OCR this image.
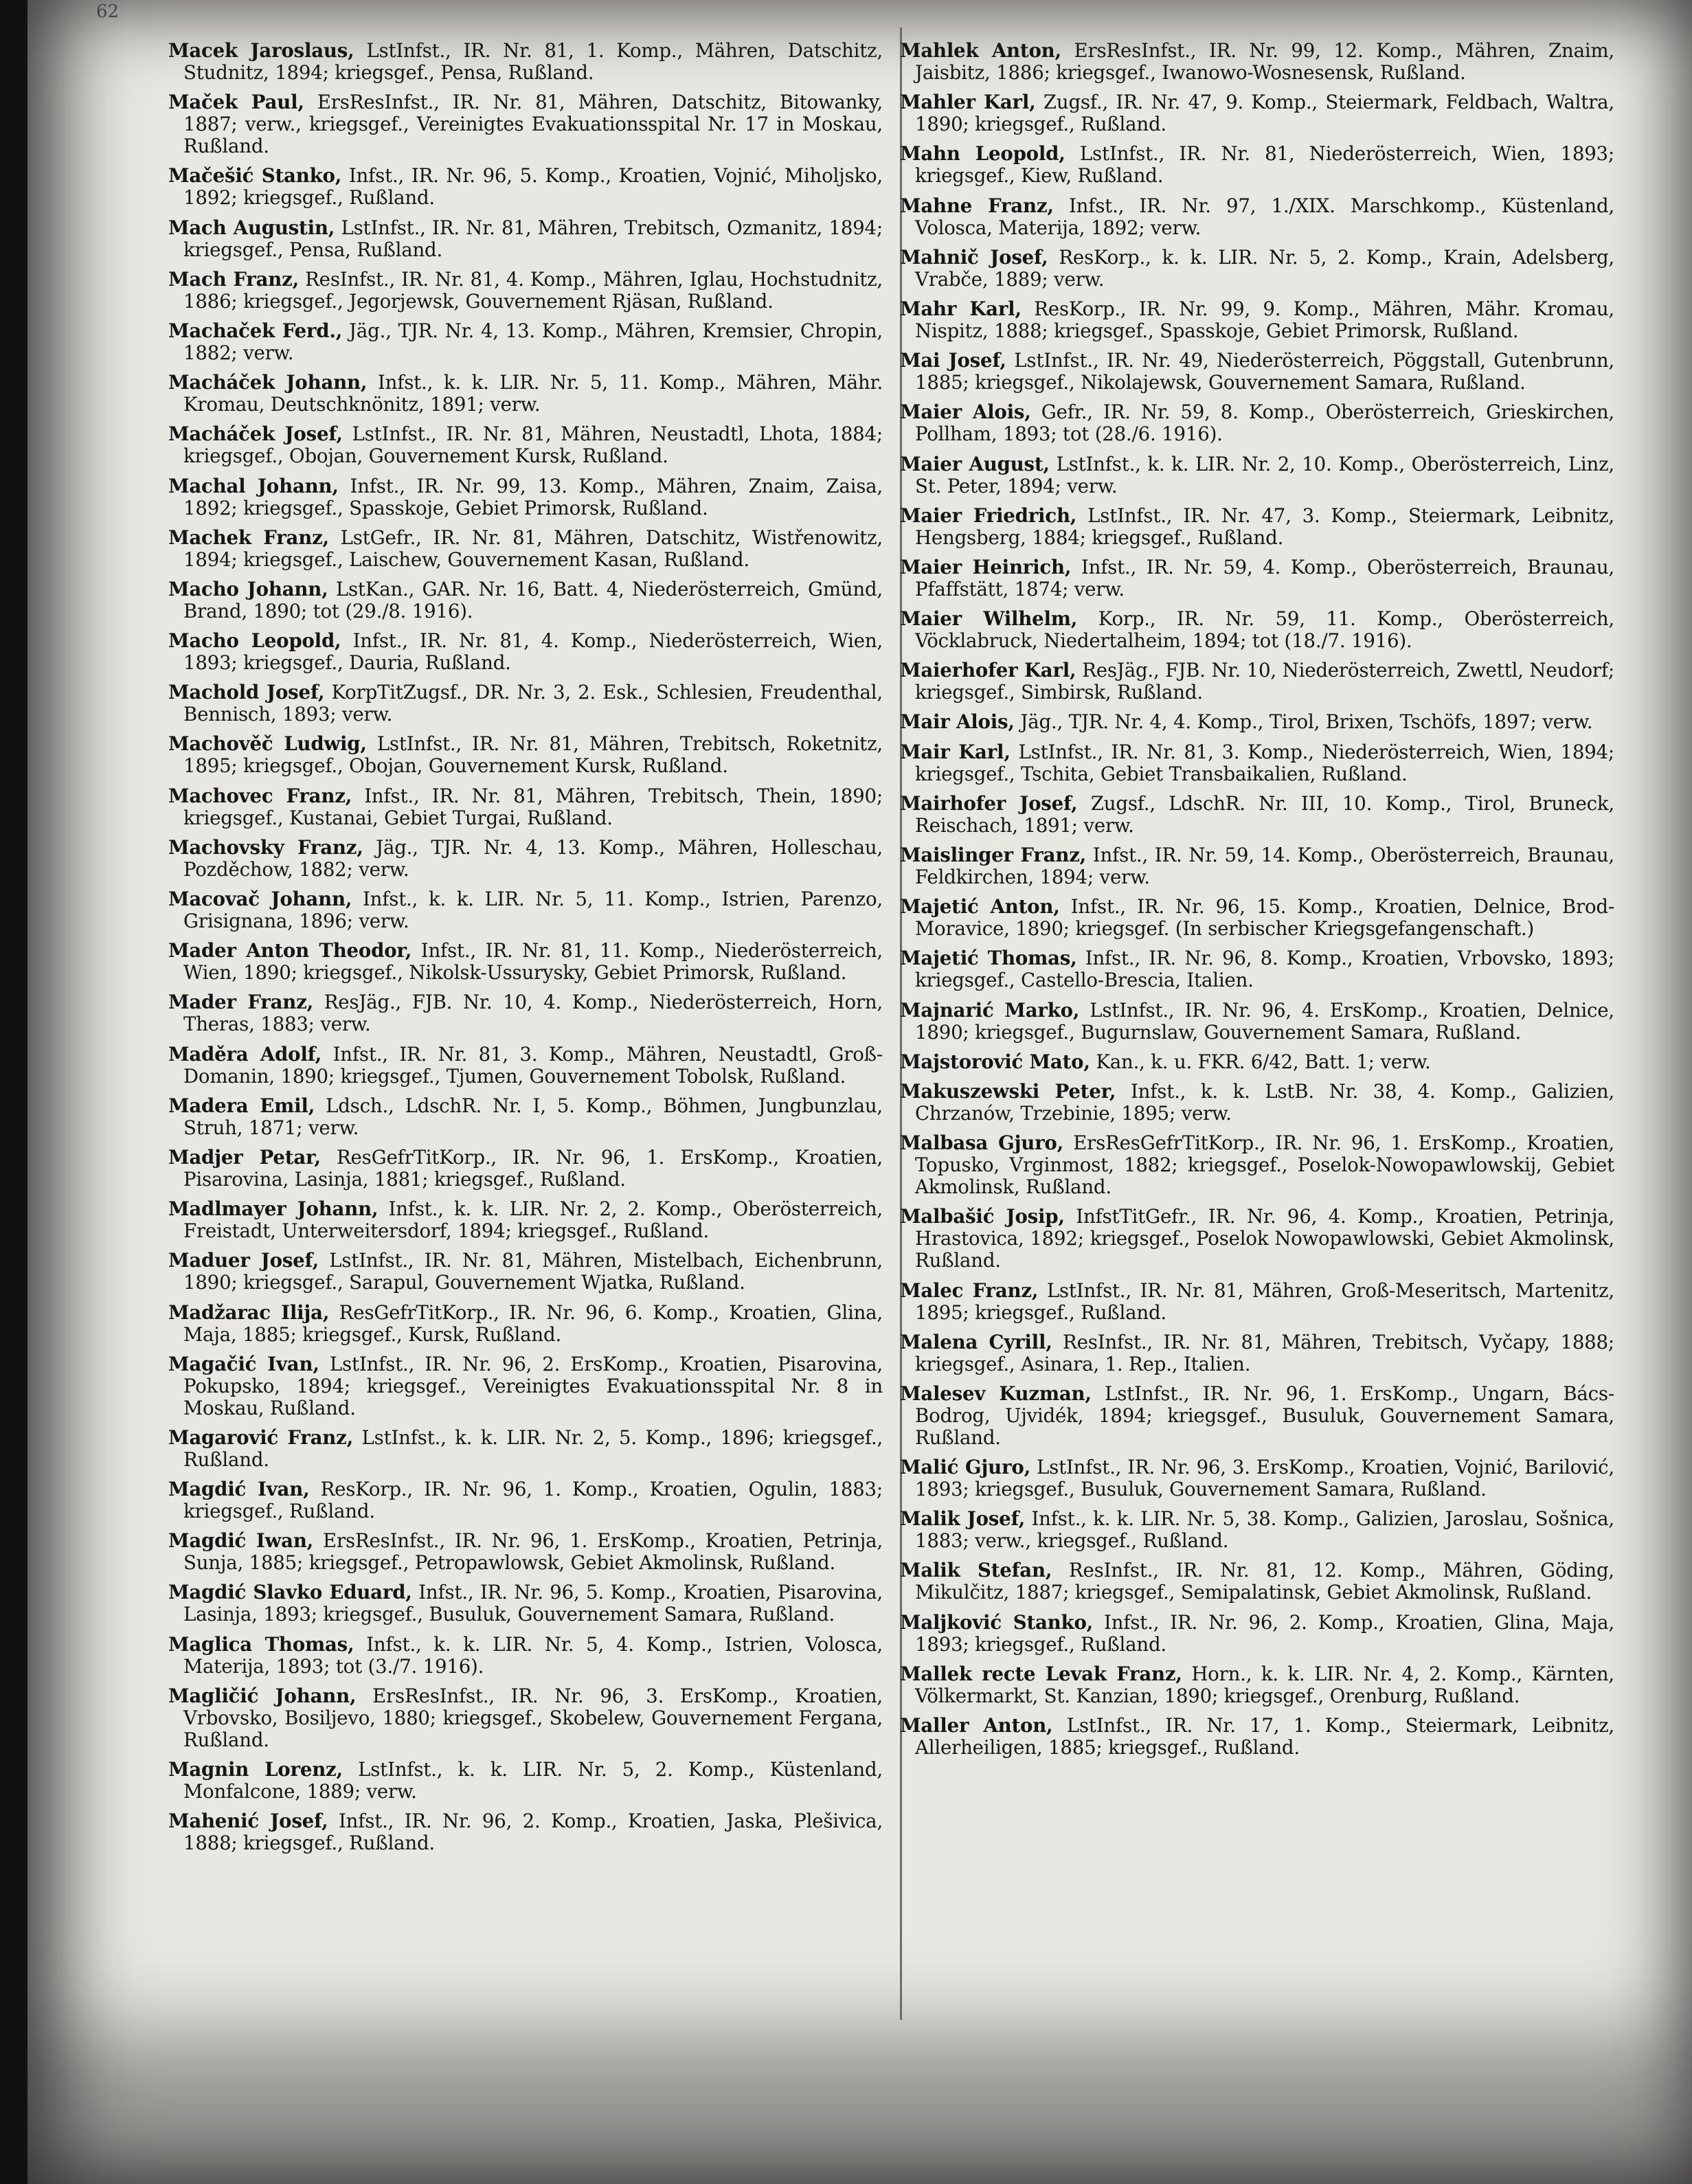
Macek Jaroslaus, LstInfst., IR. Nr. 81, 1. Komp., Mähren, Datschitz, Studnitz, 1894; kriegsgef., Pensa, Rußland.

Maček Paul, ErsResInfst., IR. Nr. 81, Mähren, Datschitz, Bitowanky, 1887; verw., kriegsgef., Vereinigtes Evakuationsspital Nr. 17 in Moskau, Rußland.

Mačešić Stanko, Infst., IR. Nr. 96, 5. Komp., Kroatien, Vojnić, Miholjsko, 1892; kriegsgef., Rußland.

Mach Augustin, LstInfst., IR. Nr. 81, Mähren, Trebitsch, Ozmanitz, 1894; kriegsgef., Pensa, Rußland.

Mach Franz, ResInfst., IR. Nr. 81, 4. Komp., Mähren, Iglau, Hochstudnitz, 1886; kriegsgef., Jegorjewsk, Gouvernement Rjäsan, Rußland.

Machaček Ferd., Jäg., TJR. Nr. 4, 13. Komp., Mähren, Kremsier, Chropin, 1882; verw.

Macháček Johann, Infst., k. k. LIR. Nr. 5, 11. Komp., Mähren, Mähr. Kromau, Deutschknönitz, 1891; verw.

Macháček Josef, LstInfst., IR. Nr. 81, Mähren, Neustadtl, Lhota, 1884; kriegsgef., Obojan, Gouvernement Kursk, Rußland.

Machal Johann, Infst., IR. Nr. 99, 13. Komp., Mähren, Znaim, Zaisa, 1892; kriegsgef., Spasskoje, Gebiet Primorsk, Rußland.

Machek Franz, LstGefr., IR. Nr. 81, Mähren, Datschitz, Wistřenowitz, 1894; kriegsgef., Laischew, Gouvernement Kasan, Rußland.

Macho Johann, LstKan., GAR. Nr. 16, Batt. 4, Niederösterreich, Gmünd, Brand, 1890; tot (29./8. 1916).

Macho Leopold, Infst., IR. Nr. 81, 4. Komp., Niederösterreich, Wien, 1893; kriegsgef., Dauria, Rußland.

Machold Josef, KorpTitZugsf., DR. Nr. 3, 2. Esk., Schlesien, Freudenthal, Bennisch, 1893; verw.

Machověč Ludwig, LstInfst., IR. Nr. 81, Mähren, Trebitsch, Roketnitz, 1895; kriegsgef., Obojan, Gouvernement Kursk, Rußland.

Machovec Franz, Infst., IR. Nr. 81, Mähren, Trebitsch, Thein, 1890; kriegsgef., Kustanai, Gebiet Turgai, Rußland.

Machovsky Franz, Jäg., TJR. Nr. 4, 13. Komp., Mähren, Holleschau, Pozděchow, 1882; verw.

Macovač Johann, Infst., k. k. LIR. Nr. 5, 11. Komp., Istrien, Parenzo, Grisignana, 1896; verw.

Mader Anton Theodor, Infst., IR. Nr. 81, 11. Komp., Niederösterreich, Wien, 1890; kriegsgef., Nikolsk-Ussurysky, Gebiet Primorsk, Rußland.

Mader Franz, ResJäg., FJB. Nr. 10, 4. Komp., Niederösterreich, Horn, Theras, 1883; verw.

Maděra Adolf, Infst., IR. Nr. 81, 3. Komp., Mähren, Neustadtl, Groß-Domanin, 1890; kriegsgef., Tjumen, Gouvernement Tobolsk, Rußland.

Madera Emil, Ldsch., LdschR. Nr. I, 5. Komp., Böhmen, Jungbunzlau, Struh, 1871; verw.

Madjer Petar, ResGefrTitKorp., IR. Nr. 96, 1. ErsKomp., Kroatien, Pisarovina, Lasinja, 1881; kriegsgef., Rußland.

Madlmayer Johann, Infst., k. k. LIR. Nr. 2, 2. Komp., Oberösterreich, Freistadt, Unterweitersdorf, 1894; kriegsgef., Rußland.

Maduer Josef, LstInfst., IR. Nr. 81, Mähren, Mistelbach, Eichenbrunn, 1890; kriegsgef., Sarapul, Gouvernement Wjatka, Rußland.

Madžarac Ilija, ResGefrTitKorp., IR. Nr. 96, 6. Komp., Kroatien, Glina, Maja, 1885; kriegsgef., Kursk, Rußland.

Magačić Ivan, LstInfst., IR. Nr. 96, 2. ErsKomp., Kroatien, Pisarovina, Pokupsko, 1894; kriegsgef., Vereinigtes Evakuationsspital Nr. 8 in Moskau, Rußland.

Magarović Franz, LstInfst., k. k. LIR. Nr. 2, 5. Komp., 1896; kriegsgef., Rußland.

Magdić Ivan, ResKorp., IR. Nr. 96, 1. Komp., Kroatien, Ogulin, 1883; kriegsgef., Rußland.

Magdić Iwan, ErsResInfst., IR. Nr. 96, 1. ErsKomp., Kroatien, Petrinja, Sunja, 1885; kriegsgef., Petropawlowsk, Gebiet Akmolinsk, Rußland.

Magdić Slavko Eduard, Infst., IR. Nr. 96, 5. Komp., Kroatien, Pisarovina, Lasinja, 1893; kriegsgef., Busuluk, Gouvernement Samara, Rußland.

Maglica Thomas, Infst., k. k. LIR. Nr. 5, 4. Komp., Istrien, Volosca, Materija, 1893; tot (3./7. 1916).

Magličić Johann, ErsResInfst., IR. Nr. 96, 3. ErsKomp., Kroatien, Vrbovsko, Bosiljevo, 1880; kriegsgef., Skobelew, Gouvernement Fergana, Rußland.

Magnin Lorenz, LstInfst., k. k. LIR. Nr. 5, 2. Komp., Küstenland, Monfalcone, 1889; verw.

Mahenić Josef, Infst., IR. Nr. 96, 2. Komp., Kroatien, Jaska, Plešivica, 1888; kriegsgef., Rußland.

Mahlek Anton, ErsResInfst., IR. Nr. 99, 12. Komp., Mähren, Znaim, Jaisbitz, 1886; kriegsgef., Iwanowo-Wosnesensk, Rußland.

Mahler Karl, Zugsf., IR. Nr. 47, 9. Komp., Steiermark, Feldbach, Waltra, 1890; kriegsgef., Rußland.

Mahn Leopold, LstInfst., IR. Nr. 81, Niederösterreich, Wien, 1893; kriegsgef., Kiew, Rußland.

Mahne Franz, Infst., IR. Nr. 97, 1./XIX. Marschkomp., Küstenland, Volosca, Materija, 1892; verw.

Mahnič Josef, ResKorp., k. k. LIR. Nr. 5, 2. Komp., Krain, Adelsberg, Vrabče, 1889; verw.

Mahr Karl, ResKorp., IR. Nr. 99, 9. Komp., Mähren, Mähr. Kromau, Nispitz, 1888; kriegsgef., Spasskoje, Gebiet Primorsk, Rußland.

Mai Josef, LstInfst., IR. Nr. 49, Niederösterreich, Pöggstall, Gutenbrunn, 1885; kriegsgef., Nikolajewsk, Gouvernement Samara, Rußland.

Maier Alois, Gefr., IR. Nr. 59, 8. Komp., Oberösterreich, Grieskirchen, Pollham, 1893; tot (28./6. 1916).

Maier August, LstInfst., k. k. LIR. Nr. 2, 10. Komp., Oberösterreich, Linz, St. Peter, 1894; verw.

Maier Friedrich, LstInfst., IR. Nr. 47, 3. Komp., Steiermark, Leibnitz, Hengsberg, 1884; kriegsgef., Rußland.

Maier Heinrich, Infst., IR. Nr. 59, 4. Komp., Oberösterreich, Braunau, Pfaffstätt, 1874; verw.

Maier Wilhelm, Korp., IR. Nr. 59, 11. Komp., Oberösterreich, Vöcklabruck, Niedertalheim, 1894; tot (18./7. 1916).

Maierhofer Karl, ResJäg., FJB. Nr. 10, Niederösterreich, Zwettl, Neudorf; kriegsgef., Simbirsk, Rußland.

Mair Alois, Jäg., TJR. Nr. 4, 4. Komp., Tirol, Brixen, Tschöfs, 1897; verw.

Mair Karl, LstInfst., IR. Nr. 81, 3. Komp., Niederösterreich, Wien, 1894; kriegsgef., Tschita, Gebiet Transbaikalien, Rußland.

Mairhofer Josef, Zugsf., LdschR. Nr. III, 10. Komp., Tirol, Bruneck, Reischach, 1891; verw.

Maislinger Franz, Infst., IR. Nr. 59, 14. Komp., Oberösterreich, Braunau, Feldkirchen, 1894; verw.

Majetić Anton, Infst., IR. Nr. 96, 15. Komp., Kroatien, Delnice, Brod-Moravice, 1890; kriegsgef. (In serbischer Kriegsgefangenschaft.)

Majetić Thomas, Infst., IR. Nr. 96, 8. Komp., Kroatien, Vrbovsko, 1893; kriegsgef., Castello-Brescia, Italien.

Majnarić Marko, LstInfst., IR. Nr. 96, 4. ErsKomp., Kroatien, Delnice, 1890; kriegsgef., Bugurnslaw, Gouvernement Samara, Rußland.

Majstorović Mato, Kan., k. u. FKR. 6/42, Batt. 1; verw.

Makuszewski Peter, Infst., k. k. LstB. Nr. 38, 4. Komp., Galizien, Chrzanów, Trzebinie, 1895; verw.

Malbasa Gjuro, ErsResGefrTitKorp., IR. Nr. 96, 1. ErsKomp., Kroatien, Topusko, Vrginmost, 1882; kriegsgef., Poselok-Nowopawlowskij, Gebiet Akmolinsk, Rußland.

Malbašić Josip, InfstTitGefr., IR. Nr. 96, 4. Komp., Kroatien, Petrinja, Hrastovica, 1892; kriegsgef., Poselok Nowopawlowski, Gebiet Akmolinsk, Rußland.

Malec Franz, LstInfst., IR. Nr. 81, Mähren, Groß-Meseritsch, Martenitz, 1895; kriegsgef., Rußland.

Malena Cyrill, ResInfst., IR. Nr. 81, Mähren, Trebitsch, Vyčapy, 1888; kriegsgef., Asinara, 1. Rep., Italien.

Malesev Kuzman, LstInfst., IR. Nr. 96, 1. ErsKomp., Ungarn, Bács-Bodrog, Ujvidék, 1894; kriegsgef., Busuluk, Gouvernement Samara, Rußland.

Malić Gjuro, LstInfst., IR. Nr. 96, 3. ErsKomp., Kroatien, Vojnić, Barilović, 1893; kriegsgef., Busuluk, Gouvernement Samara, Rußland.

Malik Josef, Infst., k. k. LIR. Nr. 5, 38. Komp., Galizien, Jaroslau, Sošnica, 1883; verw., kriegsgef., Rußland.

Malik Stefan, ResInfst., IR. Nr. 81, 12. Komp., Mähren, Göding, Mikulčitz, 1887; kriegsgef., Semipalatinsk, Gebiet Akmolinsk, Rußland.

Maljković Stanko, Infst., IR. Nr. 96, 2. Komp., Kroatien, Glina, Maja, 1893; kriegsgef., Rußland.

Mallek recte Levak Franz, Horn., k. k. LIR. Nr. 4, 2. Komp., Kärnten, Völkermarkt, St. Kanzian, 1890; kriegsgef., Orenburg, Rußland.

Maller Anton, LstInfst., IR. Nr. 17, 1. Komp., Steiermark, Leibnitz, Allerheiligen, 1885; kriegsgef., Rußland.

62
